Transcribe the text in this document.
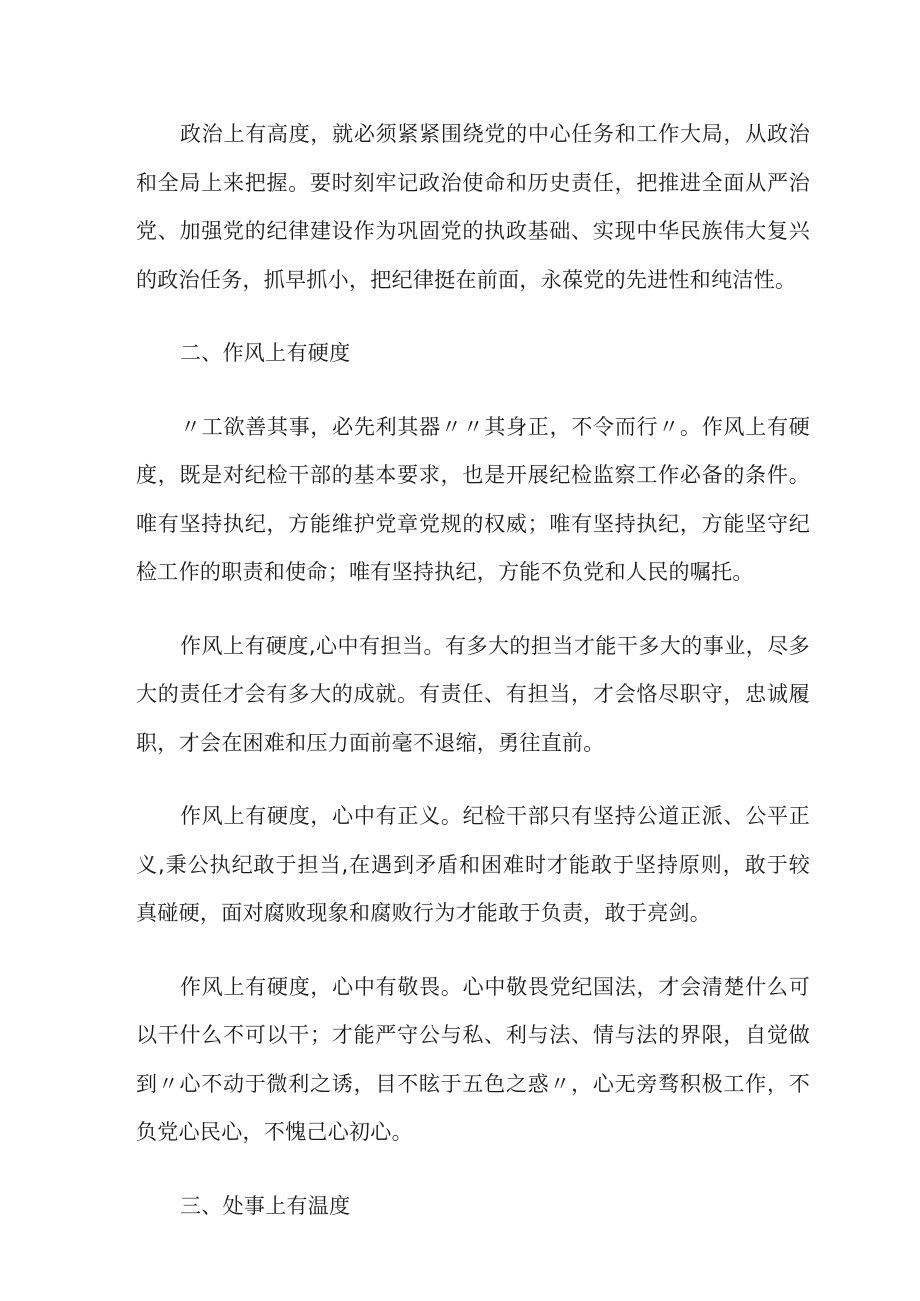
政治上有高度，就必须紧紧围绕党的中心任务和工作大局，从政治和全局上来把握。要时刻牢记政治使命和历史责任，把推进全面从严治党、加强党的纪律建设作为巩固党的执政基础、实现中华民族伟大复兴的政治任务，抓早抓小，把纪律挺在前面，永葆党的先进性和纯洁性。

二、作风上有硬度

〃工欲善其事，必先利其器〃〃其身正，不令而行〃。作风上有硬度，既是对纪检干部的基本要求，也是开展纪检监察工作必备的条件。唯有坚持执纪，方能维护党章党规的权威；唯有坚持执纪，方能坚守纪检工作的职责和使命；唯有坚持执纪，方能不负党和人民的嘱托。

作风上有硬度,心中有担当。有多大的担当才能干多大的事业，尽多大的责任才会有多大的成就。有责任、有担当，才会恪尽职守，忠诚履职，才会在困难和压力面前毫不退缩，勇往直前。

作风上有硬度，心中有正义。纪检干部只有坚持公道正派、公平正义,秉公执纪敢于担当,在遇到矛盾和困难时才能敢于坚持原则，敢于较真碰硬，面对腐败现象和腐败行为才能敢于负责，敢于亮剑。

作风上有硬度，心中有敬畏。心中敬畏党纪国法，才会清楚什么可以干什么不可以干；才能严守公与私、利与法、情与法的界限，自觉做到〃心不动于微利之诱，目不眩于五色之惑〃，心无旁骛积极工作，不负党心民心，不愧己心初心。

三、处事上有温度
